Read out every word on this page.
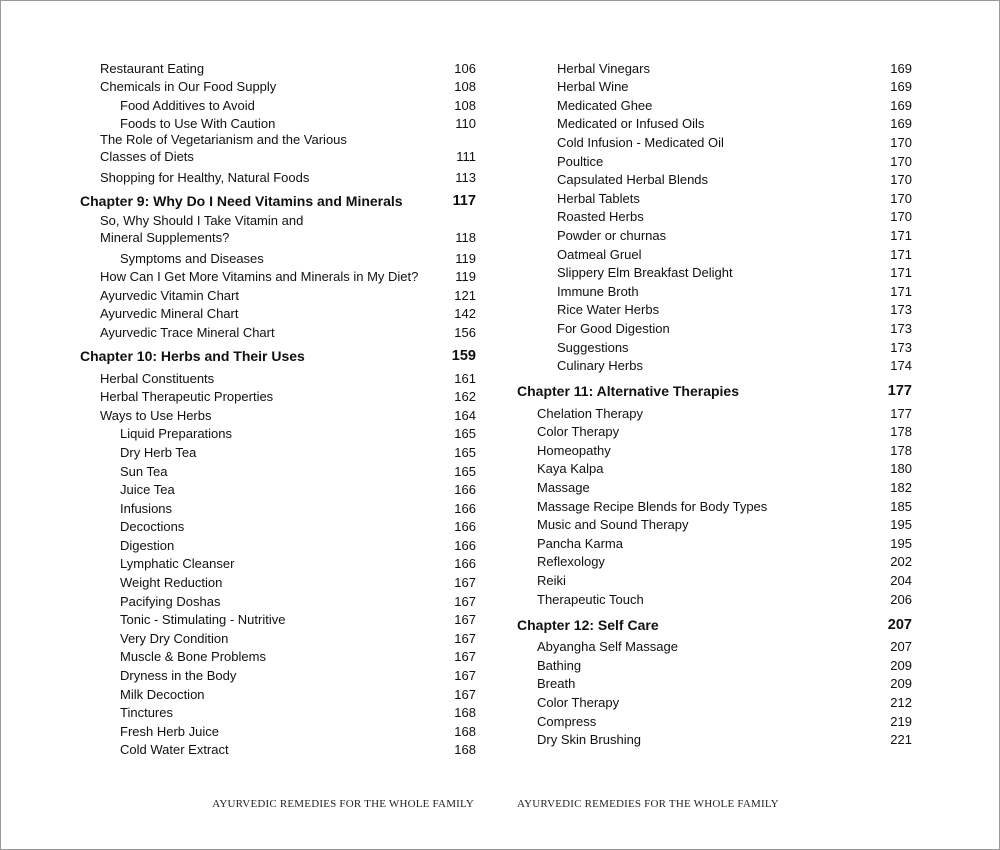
Restaurant Eating	106
Chemicals in Our Food Supply	108
Food Additives to Avoid	108
Foods to Use With Caution	110
The Role of Vegetarianism and the Various
Classes of Diets	111
Shopping for Healthy, Natural Foods	113
Chapter 9: Why Do I Need Vitamins and Minerals	117
So, Why Should I Take Vitamin and
Mineral Supplements?	118
Symptoms and Diseases	119
How Can I Get More Vitamins and Minerals in My Diet?	119
Ayurvedic Vitamin Chart	121
Ayurvedic Mineral Chart	142
Ayurvedic Trace Mineral Chart	156
Chapter 10: Herbs and Their Uses	159
Herbal Constituents	161
Herbal Therapeutic Properties	162
Ways to Use Herbs	164
Liquid Preparations	165
Dry Herb Tea	165
Sun Tea	165
Juice Tea	166
Infusions	166
Decoctions	166
Digestion	166
Lymphatic Cleanser	166
Weight Reduction	167
Pacifying Doshas	167
Tonic - Stimulating - Nutritive	167
Very Dry Condition	167
Muscle & Bone Problems	167
Dryness in the Body	167
Milk Decoction	167
Tinctures	168
Fresh Herb Juice	168
Cold Water Extract	168
Herbal Vinegars	169
Herbal Wine	169
Medicated Ghee	169
Medicated or Infused Oils	169
Cold Infusion - Medicated Oil	170
Poultice	170
Capsulated Herbal Blends	170
Herbal Tablets	170
Roasted Herbs	170
Powder or churnas	171
Oatmeal Gruel	171
Slippery Elm Breakfast Delight	171
Immune Broth	171
Rice Water Herbs	173
For Good Digestion	173
Suggestions	173
Culinary Herbs	174
Chapter 11: Alternative Therapies	177
Chelation Therapy	177
Color Therapy	178
Homeopathy	178
Kaya Kalpa	180
Massage	182
Massage Recipe Blends for Body Types	185
Music and Sound Therapy	195
Pancha Karma	195
Reflexology	202
Reiki	204
Therapeutic Touch	206
Chapter 12: Self Care	207
Abyangha Self Massage	207
Bathing	209
Breath	209
Color Therapy	212
Compress	219
Dry Skin Brushing	221
AYURVEDIC REMEDIES FOR THE WHOLE FAMILY	AYURVEDIC REMEDIES FOR THE WHOLE FAMILY
